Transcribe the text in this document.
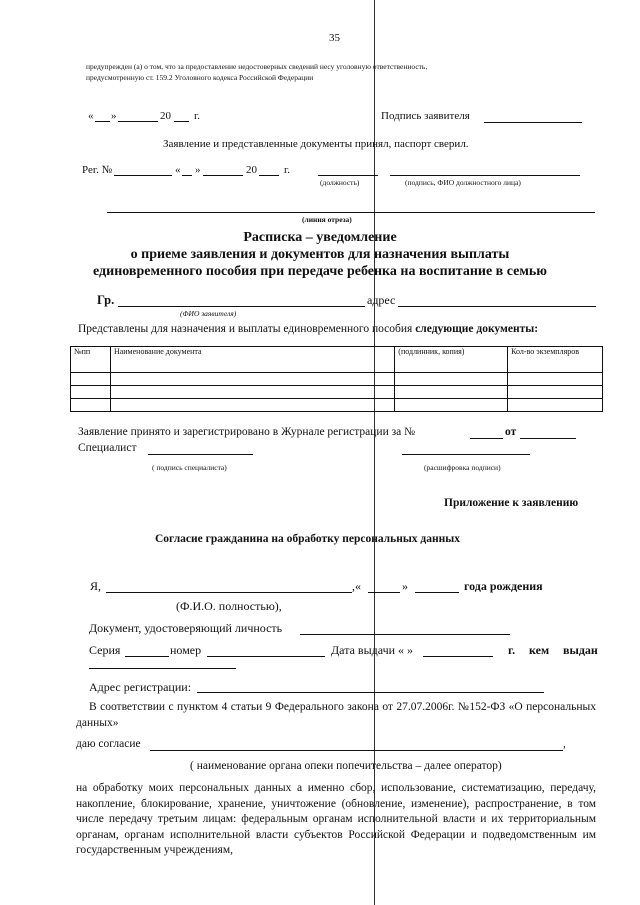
35
предупрежден (а) о том, что за предоставление недостоверных сведений несу уголовную ответственность,
предусмотренную ст. 159.2 Уголовного кодекса Российской Федерации
« »	20 г.	Подпись заявителя
Заявление и представленные документы принял, паспорт сверил.
Рег. №	« »	20 г.
(должность)	(подпись, ФИО должностного лица)
(линия отреза)
Расписка – уведомление
о приеме заявления и документов для назначения выплаты
единовременного пособия при передаче ребенка на воспитание в семью
Гр.	адрес
(ФИО заявителя)
Представлены для назначения и выплаты единовременного пособия следующие документы:
№пп	Наименование документа	(подлинник, копия)	Кол-во экземпляров

Заявление принято и зарегистрировано в Журнале регистрации за №	от
Специалист
( подпись специалиста)	(расшифровка подписи)
Приложение к заявлению
Согласие гражданина на обработку персональных данных
Я,	,«	»	года рождения
(Ф.И.О. полностью),
Документ, удостоверяющий личность
Серия	номер	Дата выдачи « »	г. кем выдан
Адрес регистрации:
В соответствии с пунктом 4 статьи 9 Федерального закона от 27.07.2006г. №152-ФЗ «О персональных данных»
даю согласие	,
( наименование органа опеки попечительства – далее оператор)
на обработку моих персональных данных а именно сбор, использование, систематизацию, передачу, накопление, блокирование, хранение, уничтожение (обновление, изменение), распространение, в том числе передачу третьим лицам: федеральным органам исполнительной власти и их территориальным органам, органам исполнительной власти субъектов Российской Федерации и подведомственным им государственным учреждениям,
